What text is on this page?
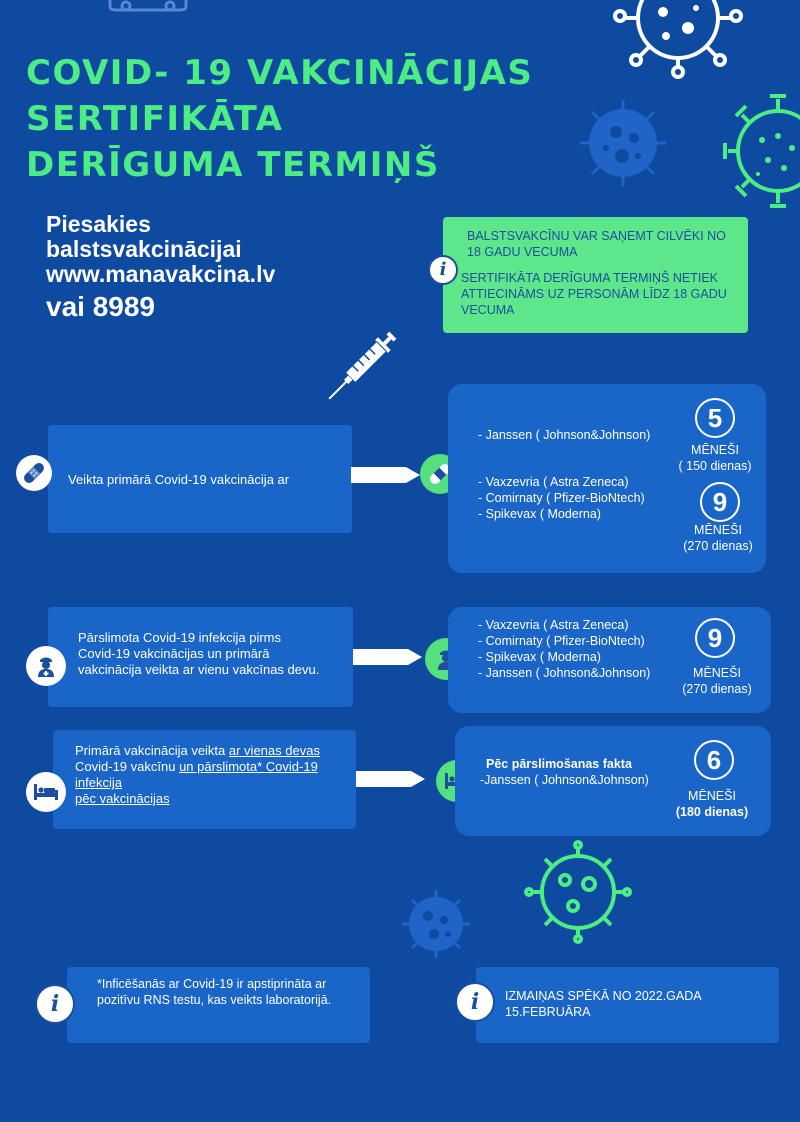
COVID- 19 VAKCINĀCIJAS
SERTIFIKĀTA
DERĪGUMA TERMIŅŠ
Piesakies
balstsvakcinācijai
www.manavakcina.lv
vai 8989
BALSTSVAKCĪNU VAR SAŅEMT CILVĒKI NO 18 GADU VECUMA
SERTIFIKĀTA DERĪGUMA TERMIŅŠ NETIEK ATTIECINĀMS UZ PERSONĀM LĪDZ 18 GADU VECUMA
i
Veikta primārā Covid-19 vakcinācija ar
- Janssen ( Johnson&Johnson)
- Vaxzevria ( Astra Zeneca)
- Comirnaty ( Pfizer-BioNtech)
- Spikevax ( Moderna)
5
MĒNEŠI
( 150 dienas)
9
MĒNEŠI
(270 dienas)
Pārslimota Covid-19 infekcija pirms
Covid-19 vakcinācijas un primārā
vakcinācija veikta ar vienu vakcīnas devu.
- Vaxzevria ( Astra Zeneca)
- Comirnaty ( Pfizer-BioNtech)
- Spikevax ( Moderna)
- Janssen ( Johnson&Johnson)
9
MĒNEŠI
(270 dienas)
Primārā vakcinācija veikta ar vienas devas
Covid-19 vakcīnu un pārslimota* Covid-19
infekcija
pēc vakcinācijas
Pēc pārslimošanas fakta
-Janssen ( Johnson&Johnson)
6
MĒNEŠI
(180 dienas)
*Inficēšanās ar Covid-19 ir apstiprināta ar pozitīvu RNS testu, kas veikts laboratorijā.
i	IZMAIŅAS SPĒKĀ NO 2022.GADA 15.FEBRUĀRA
i
